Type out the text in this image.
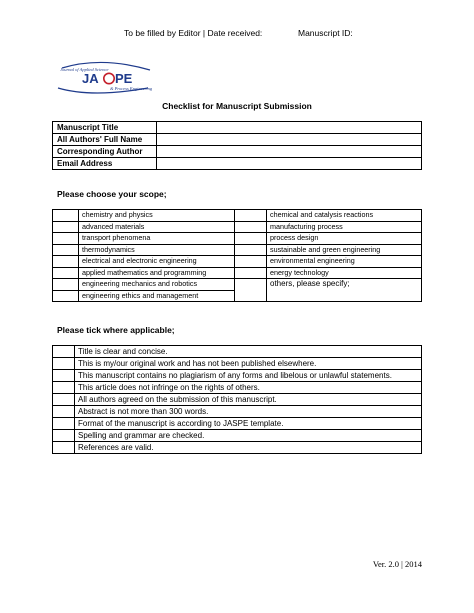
To be filled by Editor | Date received:	Manuscript ID:
Journal of Applied Science
JA PE
& Process Engineering
Checklist for Manuscript Submission
Manuscript Title	
All Authors' Full Name	
Corresponding Author	
Email Address	
Please choose your scope;
	chemistry and physics		chemical and catalysis reactions
	advanced materials		manufacturing process
	transport phenomena		process design
	thermodynamics		sustainable and green engineering
	electrical and electronic engineering		environmental engineering
	applied mathematics and programming		energy technology
	engineering mechanics and robotics		others, please specify;
	engineering ethics and management		
Please tick where applicable;
	Title is clear and concise.
	This is my/our original work and has not been published elsewhere.
	This manuscript contains no plagiarism of any forms and libelous or unlawful statements.
	This article does not infringe on the rights of others.
	All authors agreed on the submission of this manuscript.
	Abstract is not more than 300 words.
	Format of the manuscript is according to JASPE template.
	Spelling and grammar are checked.
	References are valid.
Ver. 2.0 | 2014
